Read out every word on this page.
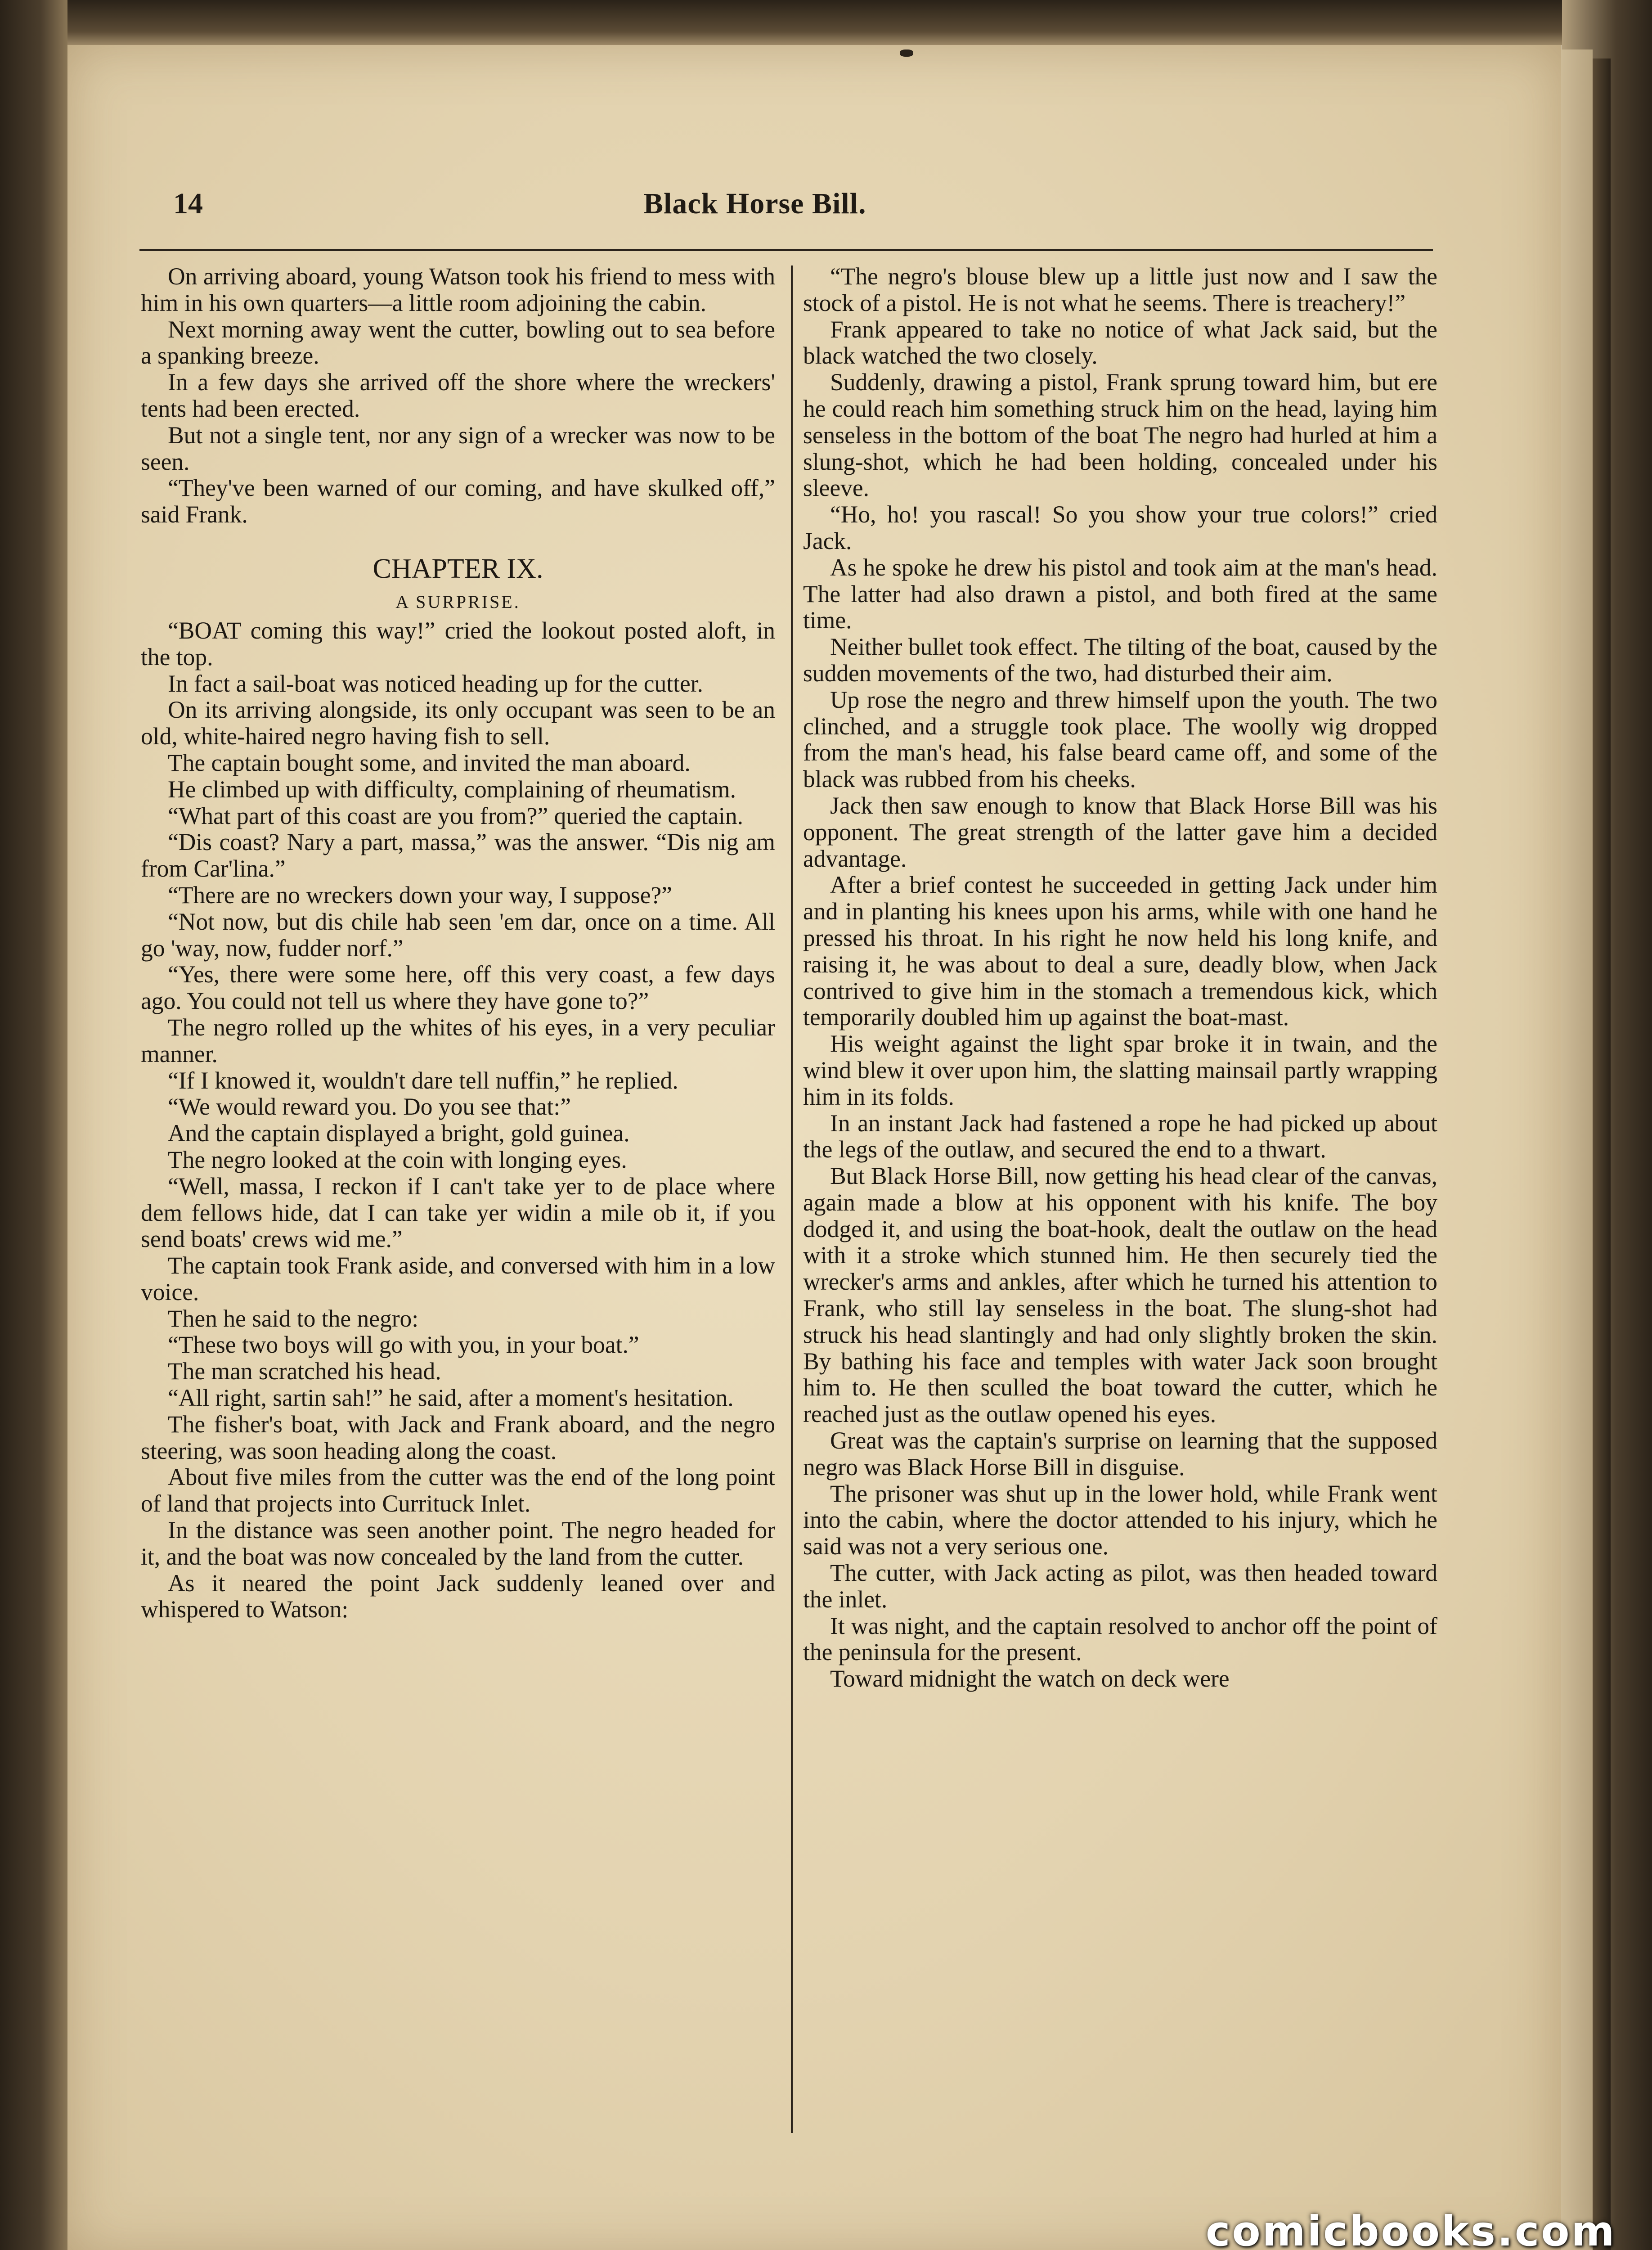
14	Black Horse Bill.

On arriving aboard, young Watson took his friend to mess with him in his own quarters—a little room adjoining the cabin.

Next morning away went the cutter, bowling out to sea before a spanking breeze.

In a few days she arrived off the shore where the wreckers' tents had been erected.

But not a single tent, nor any sign of a wrecker was now to be seen.

“They've been warned of our coming, and have skulked off,” said Frank.

CHAPTER IX.
A SURPRISE.

“BOAT coming this way!” cried the lookout posted aloft, in the top.

In fact a sail-boat was noticed heading up for the cutter.

On its arriving alongside, its only occupant was seen to be an old, white-haired negro having fish to sell.

The captain bought some, and invited the man aboard.

He climbed up with difficulty, complaining of rheumatism.

“What part of this coast are you from?” queried the captain.

“Dis coast? Nary a part, massa,” was the answer. “Dis nig am from Car'lina.”

“There are no wreckers down your way, I suppose?”

“Not now, but dis chile hab seen 'em dar, once on a time. All go 'way, now, fudder norf.”

“Yes, there were some here, off this very coast, a few days ago. You could not tell us where they have gone to?”

The negro rolled up the whites of his eyes, in a very peculiar manner.

“If I knowed it, wouldn't dare tell nuffin,” he replied.

“We would reward you. Do you see that:”

And the captain displayed a bright, gold guinea.

The negro looked at the coin with longing eyes.

“Well, massa, I reckon if I can't take yer to de place where dem fellows hide, dat I can take yer widin a mile ob it, if you send boats' crews wid me.”

The captain took Frank aside, and conversed with him in a low voice.

Then he said to the negro:

“These two boys will go with you, in your boat.”

The man scratched his head.

“All right, sartin sah!” he said, after a moment's hesitation.

The fisher's boat, with Jack and Frank aboard, and the negro steering, was soon heading along the coast.

About five miles from the cutter was the end of the long point of land that projects into Currituck Inlet.

In the distance was seen another point. The negro headed for it, and the boat was now concealed by the land from the cutter.

As it neared the point Jack suddenly leaned over and whispered to Watson:

“The negro's blouse blew up a little just now and I saw the stock of a pistol. He is not what he seems. There is treachery!”

Frank appeared to take no notice of what Jack said, but the black watched the two closely.

Suddenly, drawing a pistol, Frank sprung toward him, but ere he could reach him something struck him on the head, laying him senseless in the bottom of the boat The negro had hurled at him a slung-shot, which he had been holding, concealed under his sleeve.

“Ho, ho! you rascal! So you show your true colors!” cried Jack.

As he spoke he drew his pistol and took aim at the man's head. The latter had also drawn a pistol, and both fired at the same time.

Neither bullet took effect. The tilting of the boat, caused by the sudden movements of the two, had disturbed their aim.

Up rose the negro and threw himself upon the youth. The two clinched, and a struggle took place. The woolly wig dropped from the man's head, his false beard came off, and some of the black was rubbed from his cheeks.

Jack then saw enough to know that Black Horse Bill was his opponent. The great strength of the latter gave him a decided advantage.

After a brief contest he succeeded in getting Jack under him and in planting his knees upon his arms, while with one hand he pressed his throat. In his right he now held his long knife, and raising it, he was about to deal a sure, deadly blow, when Jack contrived to give him in the stomach a tremendous kick, which temporarily doubled him up against the boat-mast.

His weight against the light spar broke it in twain, and the wind blew it over upon him, the slatting mainsail partly wrapping him in its folds.

In an instant Jack had fastened a rope he had picked up about the legs of the outlaw, and secured the end to a thwart.

But Black Horse Bill, now getting his head clear of the canvas, again made a blow at his opponent with his knife. The boy dodged it, and using the boat-hook, dealt the outlaw on the head with it a stroke which stunned him. He then securely tied the wrecker's arms and ankles, after which he turned his attention to Frank, who still lay senseless in the boat. The slung-shot had struck his head slantingly and had only slightly broken the skin. By bathing his face and temples with water Jack soon brought him to. He then sculled the boat toward the cutter, which he reached just as the outlaw opened his eyes.

Great was the captain's surprise on learning that the supposed negro was Black Horse Bill in disguise.

The prisoner was shut up in the lower hold, while Frank went into the cabin, where the doctor attended to his injury, which he said was not a very serious one.

The cutter, with Jack acting as pilot, was then headed toward the inlet.

It was night, and the captain resolved to anchor off the point of the peninsula for the present.

Toward midnight the watch on deck were

comicbooks.com
